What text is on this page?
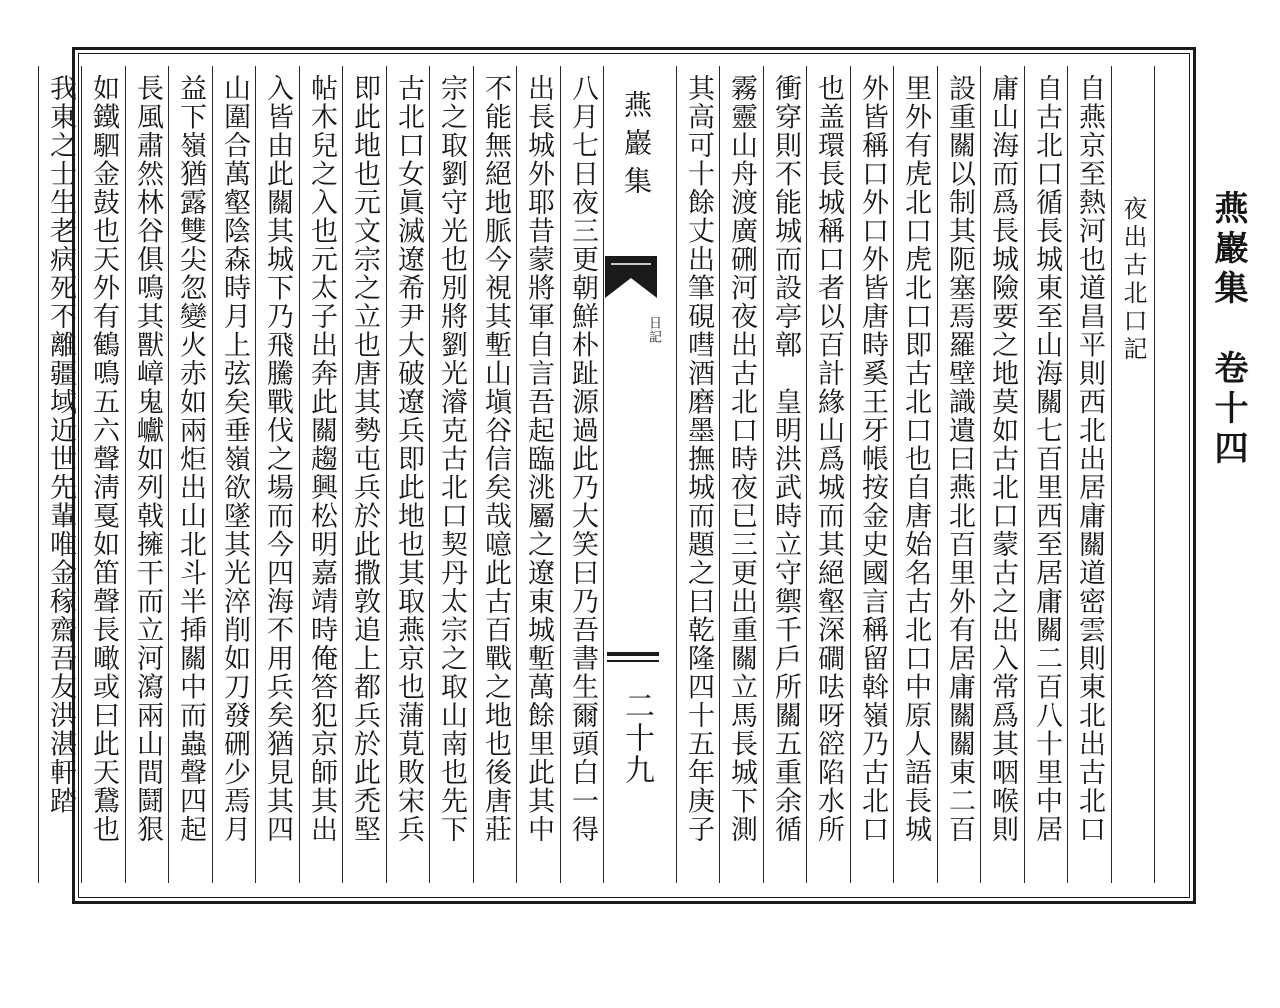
燕巖集　卷十四
夜出古北口記
自燕京至熱河也道昌平則西北出居庸關道密雲則東北出古北口
自古北口循長城東至山海關七百里西至居庸關二百八十里中居
庸山海而爲長城險要之地莫如古北口蒙古之出入常爲其咽喉則
設重關以制其阨塞焉羅壁識遺曰燕北百里外有居庸關關東二百
里外有虎北口虎北口即古北口也自唐始名古北口中原人語長城
外皆稱口外口外皆唐時奚王牙帳按金史國言稱留斡嶺乃古北口
也盖環長城稱口者以百計緣山爲城而其絕壑深磵呿呀谾陷水所
衝穿則不能城而設亭鄣　皇明洪武時立守禦千戶所關五重余循
霧靈山舟渡廣硎河夜出古北口時夜已三更出重關立馬長城下測
其高可十餘丈出筆硯嘒酒磨墨撫城而題之曰乾隆四十五年庚子
八月七日夜三更朝鮮朴趾源過此乃大笑曰乃吾書生爾頭白一得
出長城外耶昔蒙將軍自言吾起臨洮屬之遼東城塹萬餘里此其中
不能無絕地脈今視其塹山塡谷信矣哉噫此古百戰之地也後唐莊
宗之取劉守光也別將劉光濬克古北口契丹太宗之取山南也先下
古北口女眞滅遼希尹大破遼兵即此地也其取燕京也蒲莧敗宋兵
即此地也元文宗之立也唐其勢屯兵於此撒敦追上都兵於此禿堅
帖木兒之入也元太子出奔此關趨興松明嘉靖時俺答犯京師其出
入皆由此關其城下乃飛騰戰伐之場而今四海不用兵矣猶見其四
山圍合萬壑陰森時月上弦矣垂嶺欲墜其光淬削如刀發硎少焉月
益下嶺猶露雙尖忽變火赤如兩炬出山北斗半揷關中而蟲聲四起
長風肅然林谷俱鳴其獸嶂鬼巘如列戟擁干而立河瀉兩山間鬪狠
如鐵駟金鼓也天外有鶴鳴五六聲淸戛如笛聲長噉或曰此天鵞也
我東之士生老病死不離疆域近世先輩唯金稼齋吾友洪湛軒踏	燕巖集
日記
二十九
